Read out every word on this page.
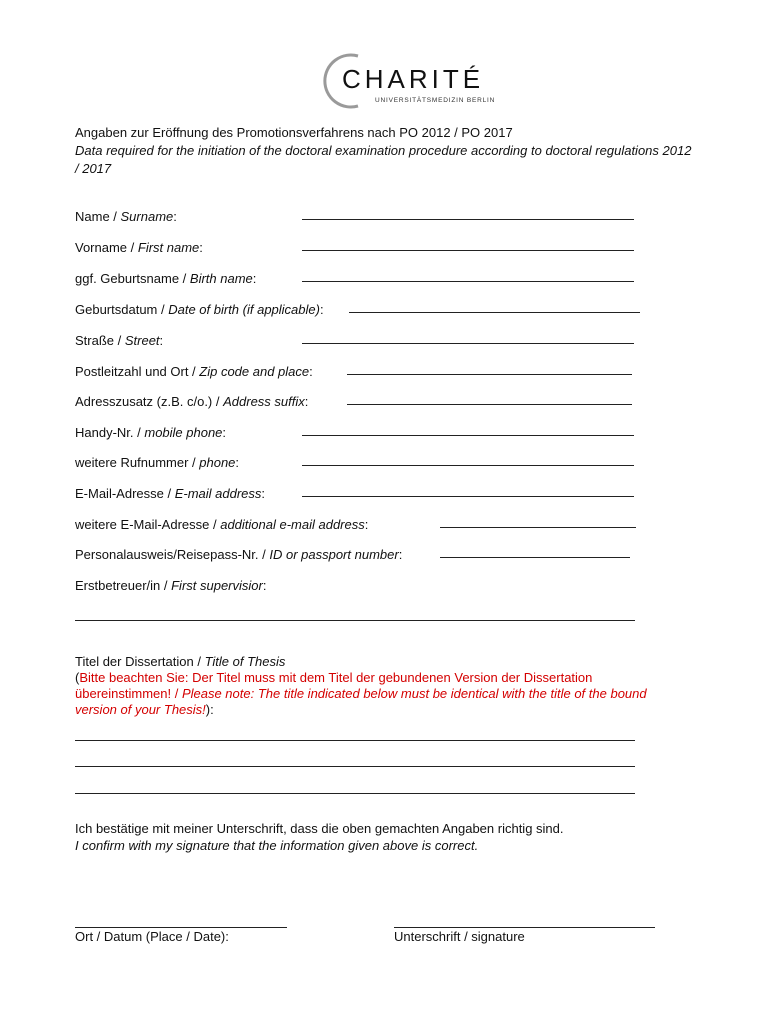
CHARITÉ
UNIVERSITÄTSMEDIZIN BERLIN
Angaben zur Eröffnung des Promotionsverfahrens nach PO 2012 / PO 2017
Data required for the initiation of the doctoral examination procedure according to doctoral regulations 2012 / 2017
Name / Surname:
Vorname / First name:
ggf. Geburtsname / Birth name:
Geburtsdatum / Date of birth (if applicable):
Straße / Street:
Postleitzahl und Ort / Zip code and place:
Adresszusatz (z.B. c/o.) / Address suffix:
Handy-Nr. / mobile phone:
weitere Rufnummer / phone:
E-Mail-Adresse / E-mail address:
weitere E-Mail-Adresse / additional e-mail address:
Personalausweis/Reisepass-Nr. / ID or passport number:
Erstbetreuer/in / First supervisior:
Titel der Dissertation / Title of Thesis
(Bitte beachten Sie: Der Titel muss mit dem Titel der gebundenen Version der Dissertation übereinstimmen! / Please note: The title indicated below must be identical with the title of the bound version of your Thesis!):
Ich bestätige mit meiner Unterschrift, dass die oben gemachten Angaben richtig sind.
I confirm with my signature that the information given above is correct.
Ort / Datum (Place / Date):	Unterschrift / signature
